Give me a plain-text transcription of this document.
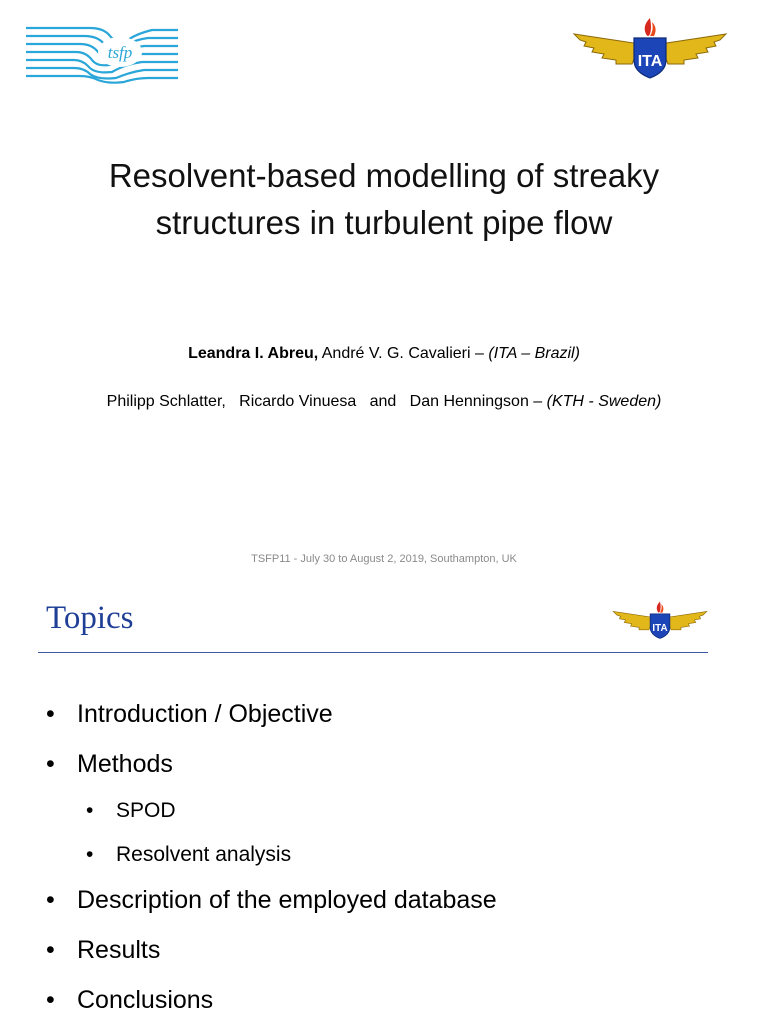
tsfp	ITA
Resolvent-based modelling of streaky
structures in turbulent pipe flow
Leandra I. Abreu, André V. G. Cavalieri – (ITA – Brazil)
Philipp Schlatter,   Ricardo Vinuesa   and   Dan Henningson – (KTH - Sweden)
TSFP11 - July 30 to August 2, 2019, Southampton, UK
Topics	ITA
• Introduction / Objective
• Methods
• SPOD
• Resolvent analysis
• Description of the employed database
• Results
• Conclusions
